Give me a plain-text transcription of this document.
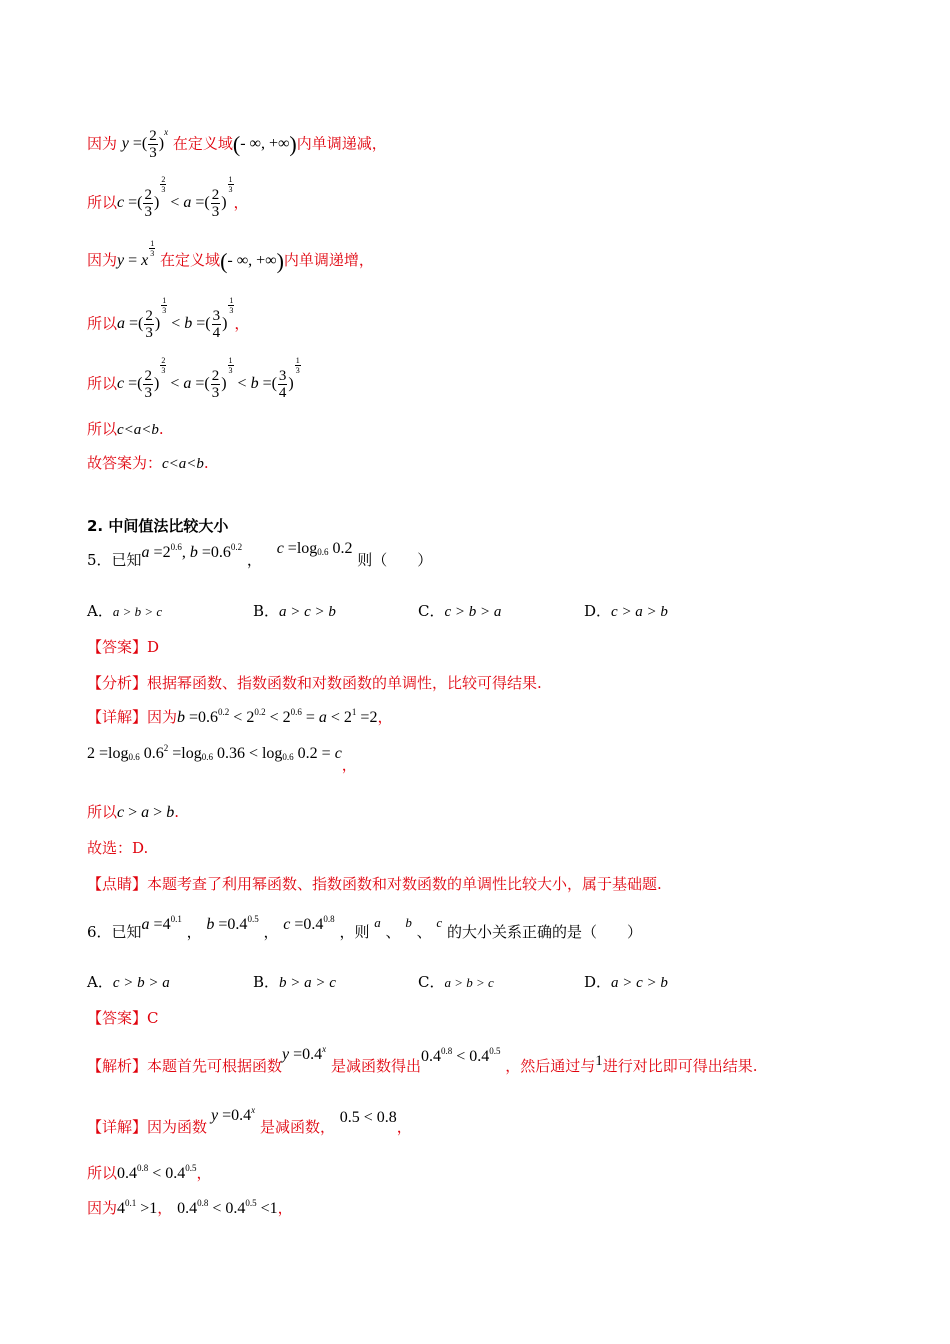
因为 y =( $\frac{2}{3} )^x$ 在定义域(- ∞, +∞)内单调递减，
所以c =( $\frac{2}{3}$ )
$\frac{2}{3}$
< a =( $\frac{2}{3}$ )
$\frac{1}{3}$
，
因为y = x
$\frac{1}{3}$
在定义域(- ∞, +∞)内单调递增，
所以a =( $\frac{2}{3}$ )
$\frac{1}{3}$
< b =( $\frac{3}{4}$ )
$\frac{1}{3}$
，
所以c =( $\frac{2}{3}$ )
$\frac{2}{3}$
< a =( $\frac{2}{3}$ )
$\frac{1}{3}$
< b =( $\frac{3}{4}$ )
$\frac{1}{3}$
所以c<a<b.
故答案为：c<a<b.
2. 中间值法比较大小
5．已知$a =2^{0.6}$, $b =0.6^{0.2}$ ， $c =\log_{0.6}$ 0.2 则（　　）
A．a > b > c	B．a > c > b	C．c > b > a	D．c > a > b
【答案】D
【分析】根据幂函数、指数函数和对数函数的单调性，比较可得结果.
【详解】因为$b =0.6^{0.2} < 2^{0.2} < 2^{0.6} = a < 2^1 =2$，
$2 =\log_{0.6}$ $0.6^2 =\log_{0.6}$ $0.36 < \log_{0.6} 0.2 = c$，
所以c > a > b.
故选：D.
【点睛】本题考查了利用幂函数、指数函数和对数函数的单调性比较大小，属于基础题.
6．已知$a =4^{0.1}$ ， $b =0.4^{0.5}$ ， $c =0.4^{0.8}$ ，则 a 、 b 、 c 的大小关系正确的是（　　）
A．c > b > a	B．b > a > c	C．a > b > c	D．a > c > b
【答案】C
【解析】本题首先可根据函数$y =0.4^x$ 是减函数得出$0.4^{0.8} < 0.4^{0.5}$ ，然后通过与1进行对比即可得出结果.
【详解】因为函数$y =0.4^x$ 是减函数， 0.5 < 0.8，
所以$0.4^{0.8} < 0.4^{0.5}$，
因为$4^{0.1} >1$， $0.4^{0.8} < 0.4^{0.5} <1$，
